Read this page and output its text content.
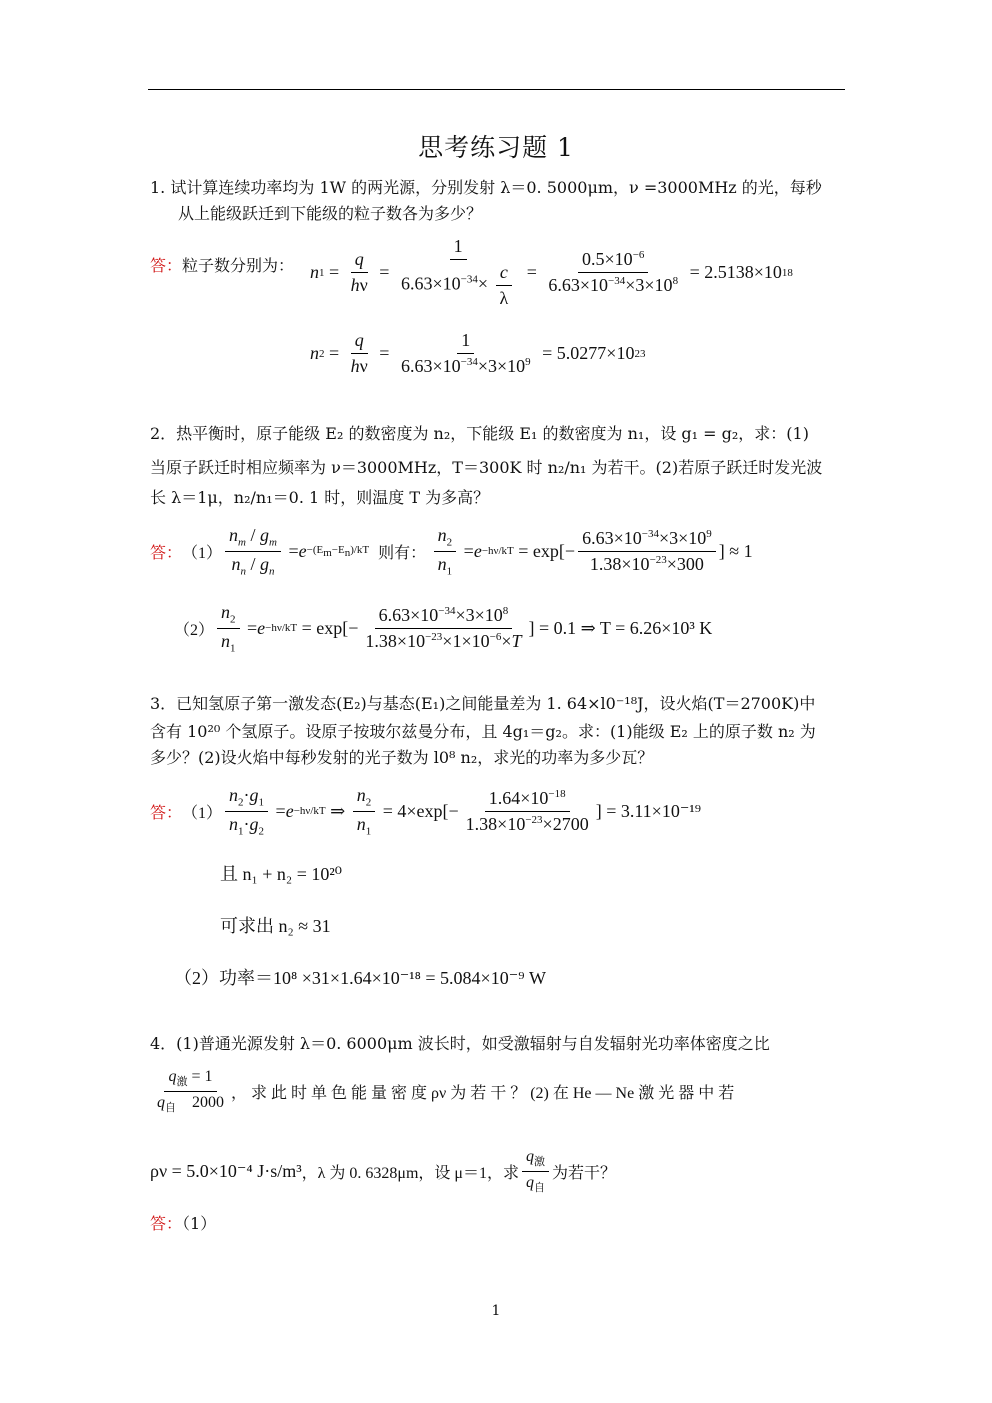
思考练习题 1
1. 试计算连续功率均为 1W 的两光源，分别发射 λ＝0. 5000μm，ν =3000MHz 的光，每秒
从上能级跃迁到下能级的粒子数各为多少？
答：粒子数分别为： n $1 = \frac{q}{h\nu} = \frac{1}{6.63\times 10^{-34}\times \frac{c}{\lambda}} = \frac{0.5\times 10^{-6}}{6.63\times 10^{-34}\times 3\times 10^8} = 2.5138\times 10$ 18
n $2 = \frac{q}{h\nu} = \frac{1}{6.63\times 10^{-34}\times 3\times 10^9} = 5.0277\times 10$ 23
2．热平衡时，原子能级 E₂ 的数密度为 n₂，下能级 E₁ 的数密度为 n₁，设 g₁ = g₂，求：(1)
当原子跃迁时相应频率为 ν＝3000MHz，T＝300K 时 n₂/n₁ 为若干。(2)若原子跃迁时发光波
长 λ＝1μ，n₂/n₁＝0. 1 时，则温度 T 为多高？
答： $(1) \frac{n_m / g_m}{n_n / g_n} = e -(E_m-E_n)/kT$
则有：
$\frac{n_2}{n_1} = e -h\nu/kT = \exp[- \frac{6.63\times 10^{-34}\times 3\times 10^9}{1.38\times 10^{-23}\times 300}$ ] ≈ 1
$(2) \frac{n_2}{n_1} = e -h\nu/kT = \exp[- \frac{6.63\times 10^{-34}\times 3\times 10^8}{1.38\times 10^{-23}\times 1\times 10^{-6}\times T}$ ] = 0.1 ⇒ T = 6.26×10³ K
3．已知氢原子第一激发态(E₂)与基态(E₁)之间能量差为 1. 64×l0⁻¹⁸J，设火焰(T＝2700K)中
含有 10²⁰ 个氢原子。设原子按玻尔兹曼分布，且 4g₁＝g₂。求：(1)能级 E₂ 上的原子数 n₂ 为
多少？(2)设火焰中每秒发射的光子数为 l0⁸ n₂，求光的功率为多少瓦？
答： $(1) \frac{n_2\cdot g_1}{n_1\cdot g_2} = e -h\nu/kT$ ⇒ $\frac{n_2}{n_1} = 4\times\exp[- \frac{1.64\times 10^{-18}}{1.38\times 10^{-23}\times 2700}$ ] = 3.11×10⁻¹⁹
且 n₁ + n₂ = 10²⁰
可求出 n₂ ≈ 31
（2）功率＝10⁸ ×31×1.64×10⁻¹⁸ = 5.084×10⁻⁹ W
4．(1)普通光源发射 λ＝0. 6000μm 波长时，如受激辐射与自发辐射光功率体密度之比
$\frac{q_激 = 1}{q_自 2000}$ ， 求 此 时 单 色 能 量 密 度 ρν 为 若 干 ？ (2) 在 He — Ne 激 光 器 中 若
ρν = 5.0×10⁻⁴ J·s/m³ ，λ 为 0. 6328μm，设 μ＝1，求 $\frac{q_激}{q_自}$ 为若干？
答：（1）
1
